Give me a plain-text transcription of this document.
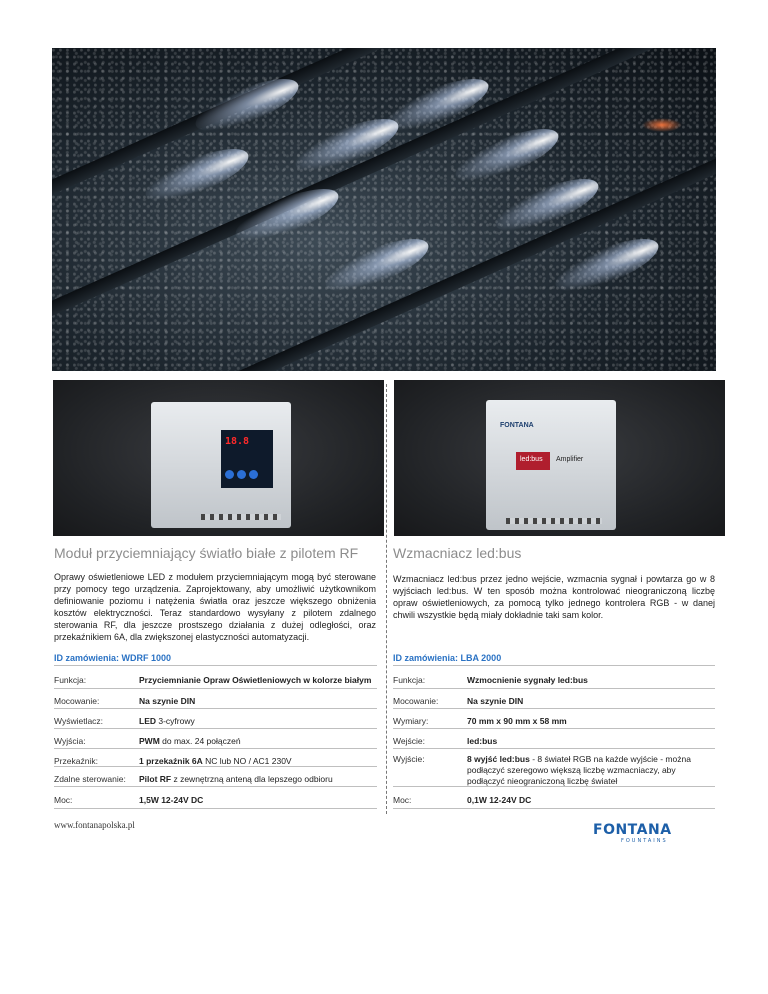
18.8
FONTANA
led:bus Amplifier
Moduł przyciemniający światło białe z pilotem RF
Oprawy oświetleniowe LED z modułem przyciemniającym mogą być sterowane przy pomocy tego urządzenia. Zaprojektowany, aby umożliwić użytkownikom definiowanie poziomu i natężenia światła oraz jeszcze większego obniżenia kosztów elektryczności. Teraz standardowo wysyłany z pilotem zdalnego sterowania RF, dla jeszcze prostszego działania z dużej odległości, oraz przekaźnikiem 6A, dla zwiększonej elastyczności automatyzacji.
ID zamówienia: WDRF 1000
Wzmacniacz led:bus
Wzmacniacz led:bus przez jedno wejście, wzmacnia sygnał i powtarza go w 8 wyjściach led:bus. W ten sposób można kontrolować nieograniczoną liczbę opraw oświetleniowych, za pomocą tylko jednego kontrolera RGB - w danej chwili wszystkie będą miały dokładnie taki sam kolor.
ID zamówienia: LBA 2000
Funkcja:	Przyciemnianie Opraw Oświetleniowych w kolorze białym
Mocowanie:	Na szynie DIN
Wyświetlacz:	LED 3-cyfrowy
Wyjścia:	PWM do max. 24 połączeń
Przekaźnik:	1 przekaźnik 6A NC lub NO / AC1 230V
Zdalne sterowanie: Pilot RF z zewnętrzną anteną dla lepszego odbioru
Moc:	1,5W 12-24V DC
Funkcja:	Wzmocnienie sygnały led:bus
Mocowanie:	Na szynie DIN
Wymiary:	70 mm x 90 mm x 58 mm
Wejście:	led:bus
Wyjście:	8 wyjść led:bus - 8 świateł RGB na każde wyjście - można podłączyć szeregowo większą liczbę wzmacniaczy, aby podłączyć nieograniczoną liczbę świateł
Moc:	0,1W 12-24V DC
www.fontanapolska.pl	FONTANA
FOUNTAINS
